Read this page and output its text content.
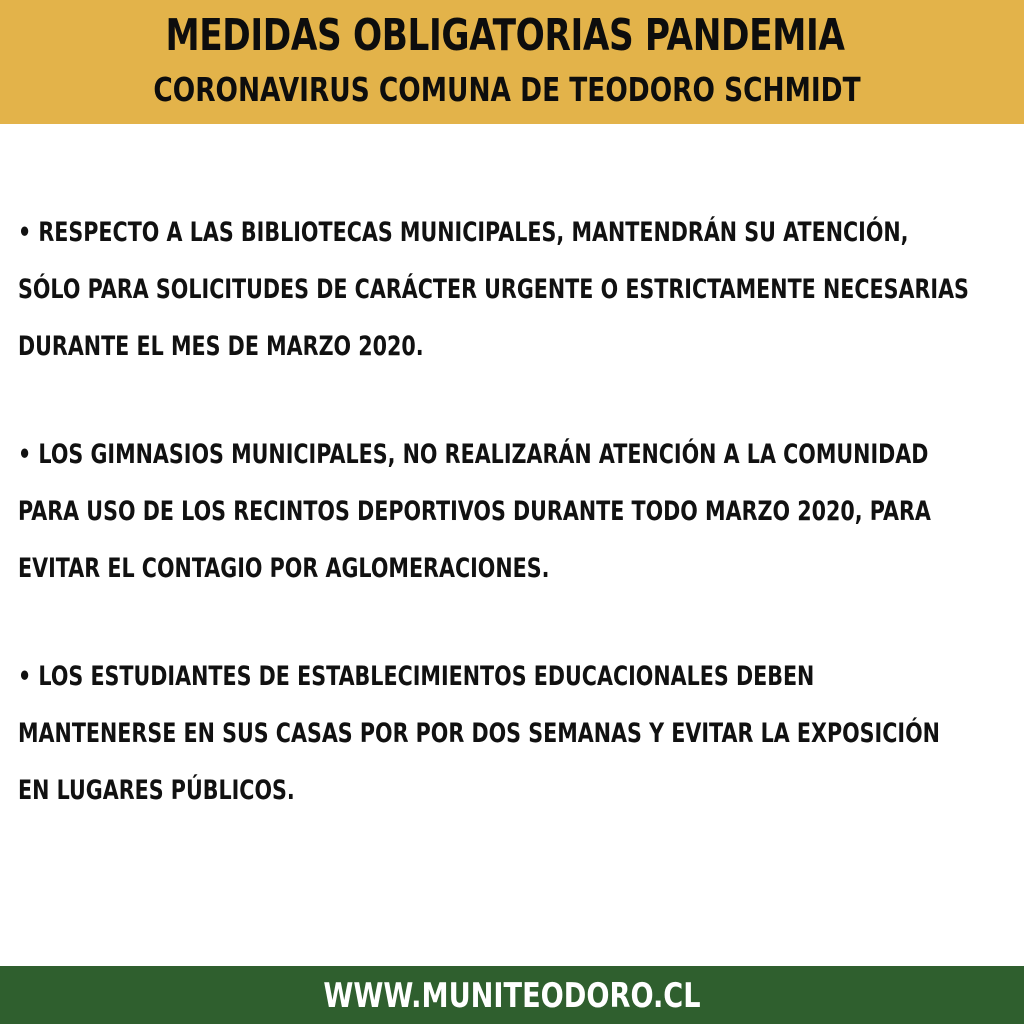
MEDIDAS OBLIGATORIAS PANDEMIA
CORONAVIRUS COMUNA DE TEODORO SCHMIDT
• RESPECTO A LAS BIBLIOTECAS MUNICIPALES, MANTENDRÁN SU ATENCIÓN,
SÓLO PARA SOLICITUDES DE CARÁCTER URGENTE O ESTRICTAMENTE NECESARIAS
DURANTE EL MES DE MARZO 2020.
• LOS GIMNASIOS MUNICIPALES, NO REALIZARÁN ATENCIÓN A LA COMUNIDAD
PARA USO DE LOS RECINTOS DEPORTIVOS DURANTE TODO MARZO 2020, PARA
EVITAR EL CONTAGIO POR AGLOMERACIONES.
• LOS ESTUDIANTES DE ESTABLECIMIENTOS EDUCACIONALES DEBEN
MANTENERSE EN SUS CASAS POR POR DOS SEMANAS Y EVITAR LA EXPOSICIÓN
EN LUGARES PÚBLICOS.
WWW.MUNITEODORO.CL
